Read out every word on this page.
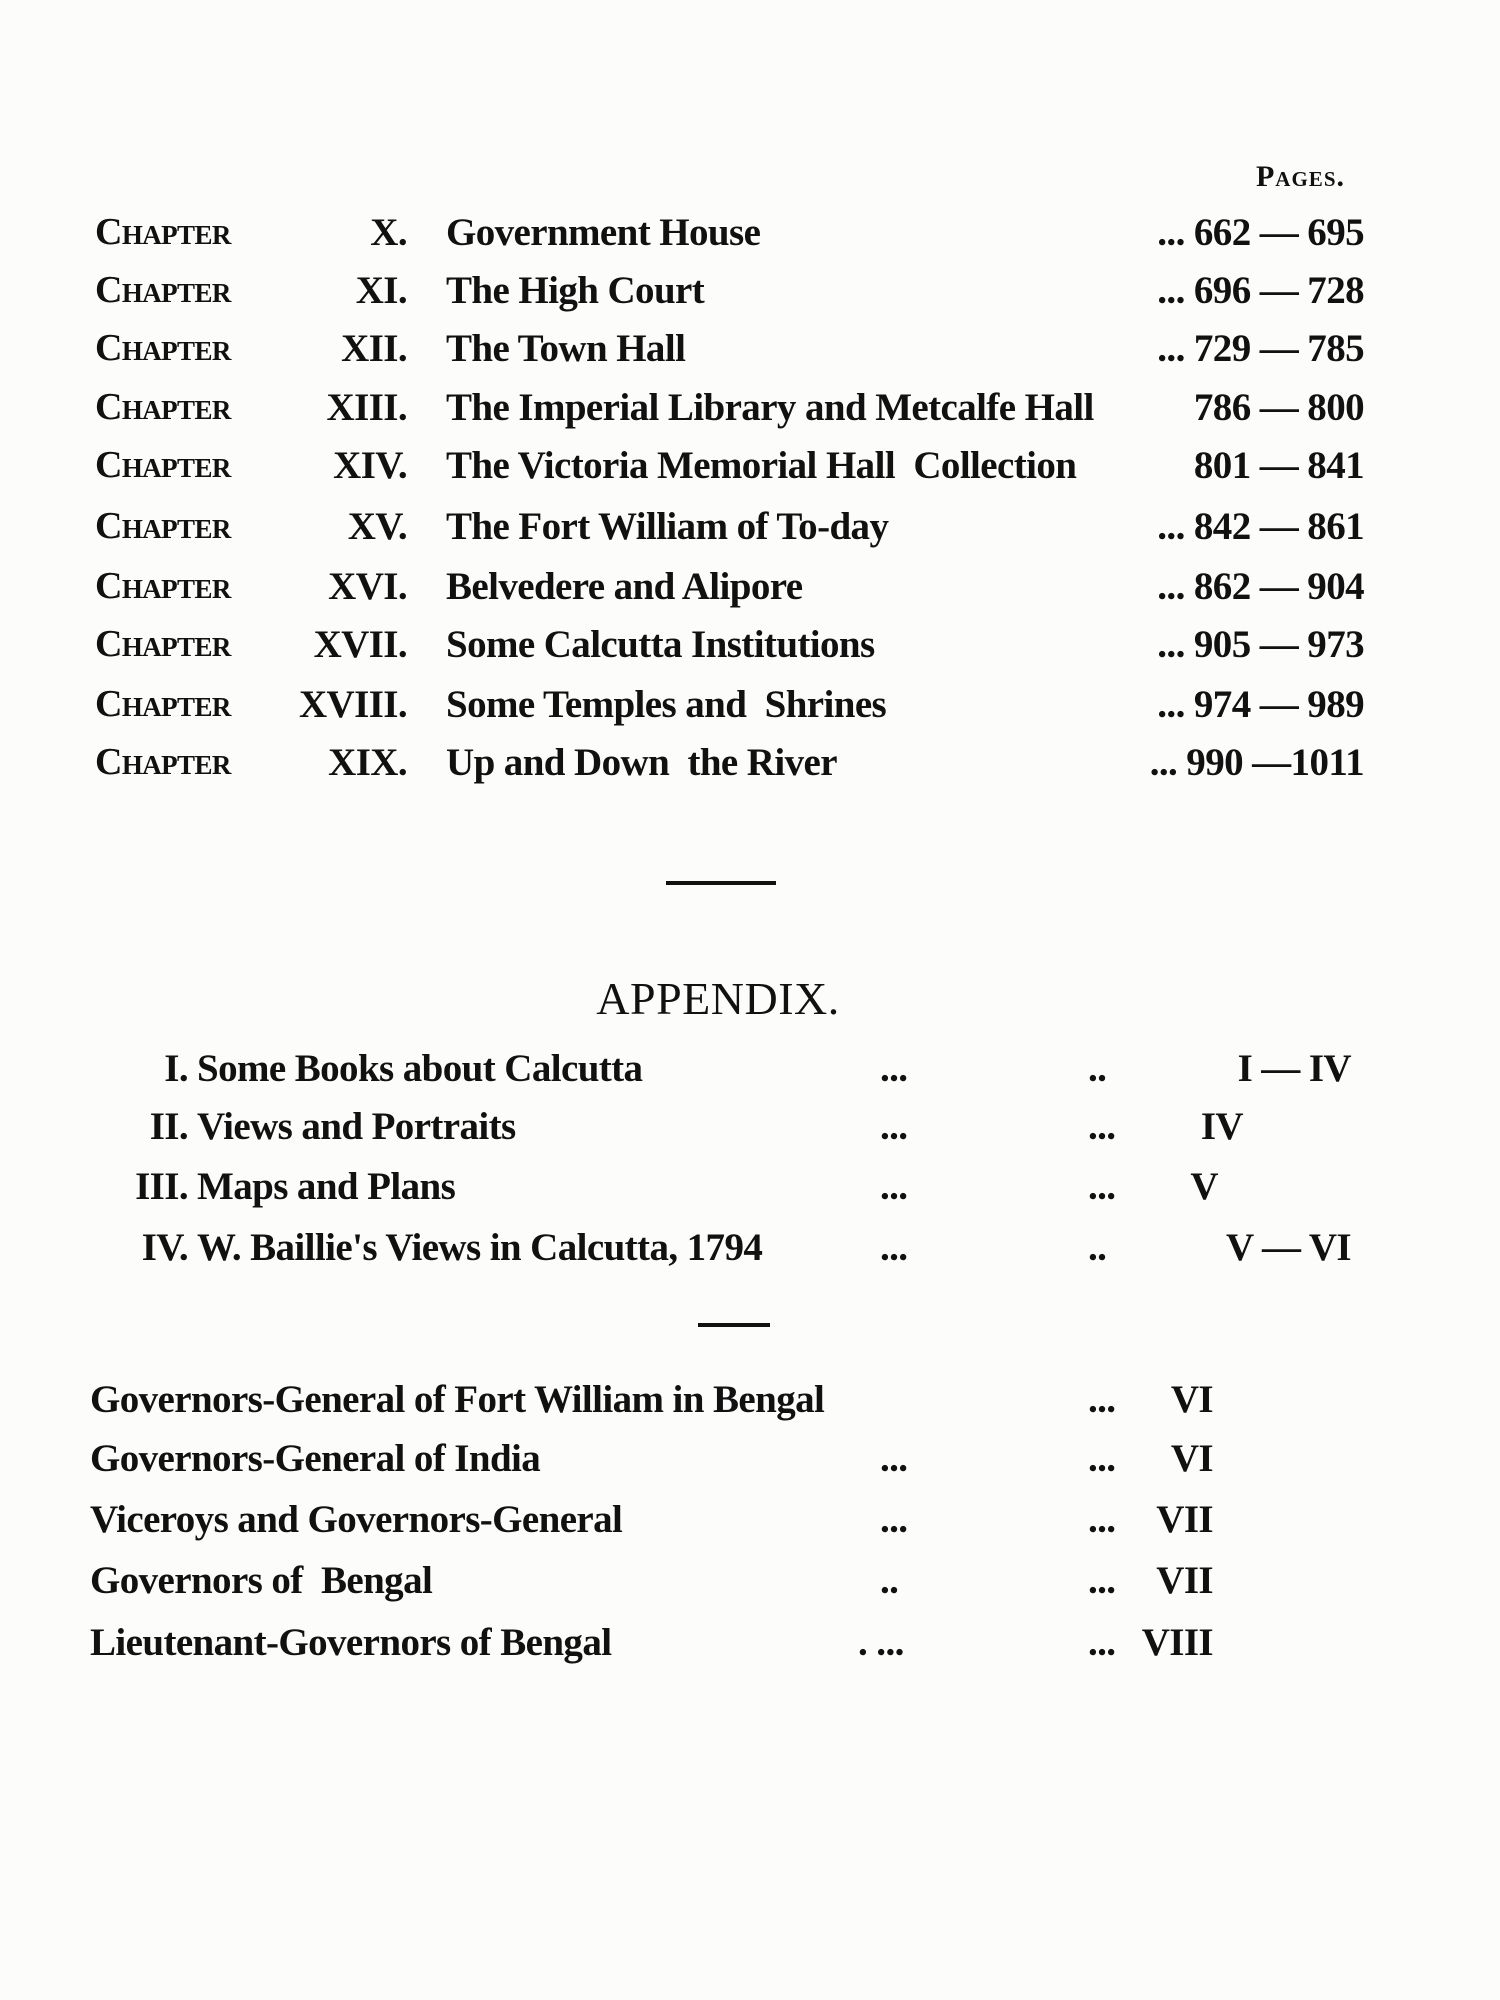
Pages.
Chapter	X. Government House	... 662 — 695
Chapter	XI. The High Court	... 696 — 728
Chapter	XII. The Town Hall	... 729 — 785
Chapter XIII. The Imperial Library and Metcalfe Hall	786 — 800
Chapter	XIV. The Victoria Memorial Hall  Collection	801 — 841
Chapter	XV. The Fort William of To-day	... 842 — 861
Chapter XVI. Belvedere and Alipore	... 862 — 904
Chapter XVII. Some Calcutta Institutions	... 905 — 973
Chapter XVIII. Some Temples and  Shrines	... 974 — 989
Chapter XIX. Up and Down  the River	... 990 —1011
APPENDIX.
I. Some Books about Calcutta	...	..	I — IV
II. Views and Portraits	...	... IV
III. Maps and Plans	...	... V
IV. W. Baillie's Views in Calcutta, 1794	...	..	V — VI
Governors-General of Fort William in Bengal	... VI
Governors-General of India	...	... VI
Viceroys and Governors-General	...	... VII
Governors of  Bengal	..	... VII
Lieutenant-Governors of Bengal	. ...	... VIII
